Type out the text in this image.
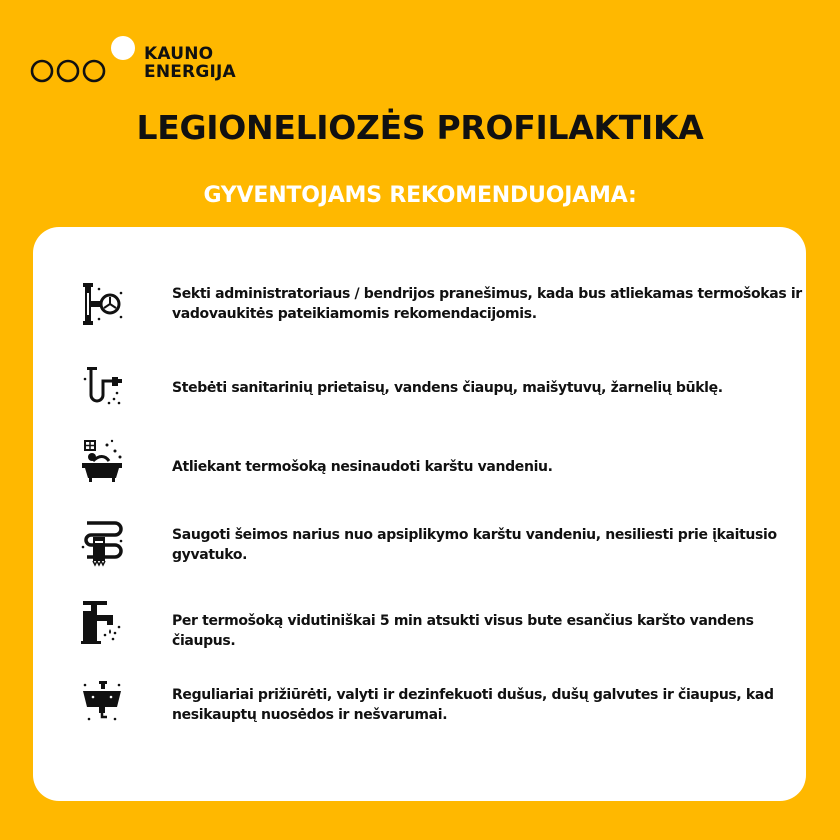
KAUNO
ENERGIJA
LEGIONELIOZĖS PROFILAKTIKA
GYVENTOJAMS REKOMENDUOJAMA:
Sekti administratoriaus / bendrijos pranešimus, kada bus atliekamas termošokas ir vadovaukitės pateikiamomis rekomendacijomis.
Stebėti sanitarinių prietaisų, vandens čiaupų, maišytuvų, žarnelių būklę.
Atliekant termošoką nesinaudoti karštu vandeniu.
Saugoti šeimos narius nuo apsiplikymo karštu vandeniu, nesiliesti prie įkaitusio gyvatuko.
Per termošoką vidutiniškai 5 min atsukti visus bute esančius karšto vandens čiaupus.
Reguliariai prižiūrėti, valyti ir dezinfekuoti dušus, dušų galvutes ir čiaupus, kad nesikauptų nuosėdos ir nešvarumai.
